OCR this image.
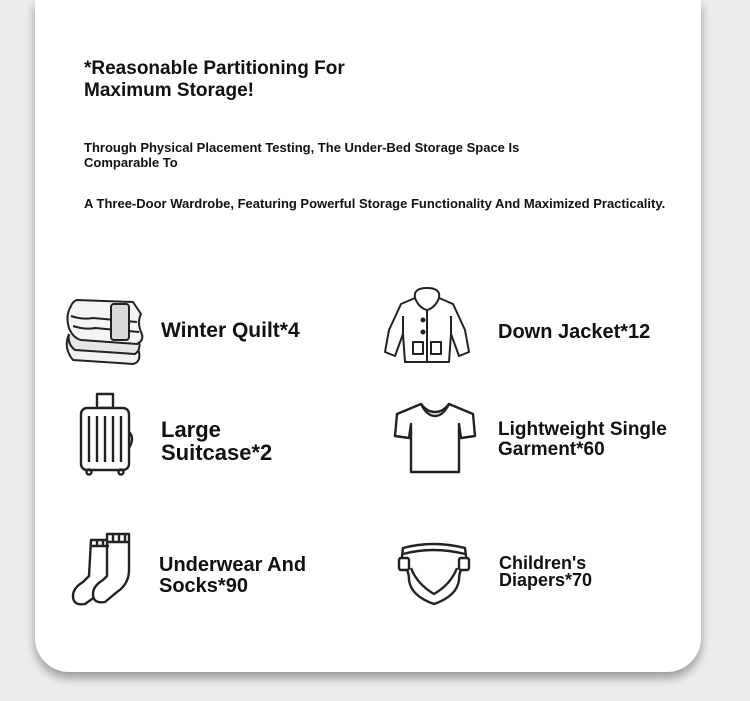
*Reasonable Partitioning For Maximum Storage!

Through Physical Placement Testing, The Under-Bed Storage Space Is Comparable To

A Three-Door Wardrobe, Featuring Powerful Storage Functionality And Maximized Practicality.

Winter Quilt*4	Down Jacket*12

Large Suitcase*2

Lightweight Single Garment*60

Underwear And Socks*90

Children's Diapers*70
